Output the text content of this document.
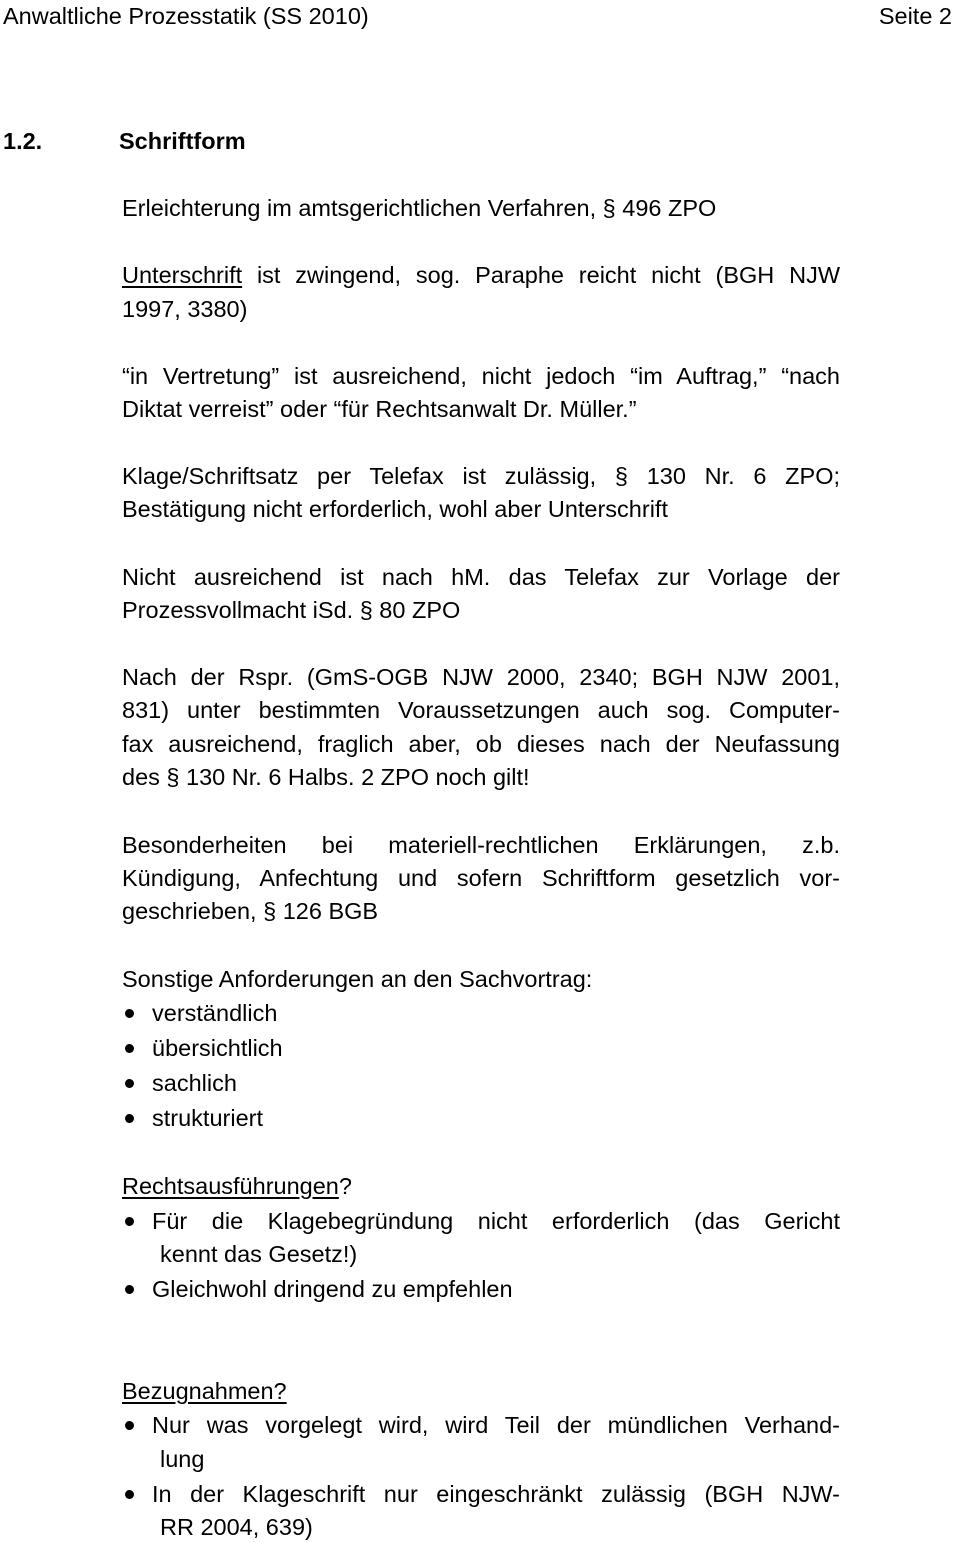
Anwaltliche Prozesstatik (SS 2010)	Seite 2
1.2.	Schriftform
Erleichterung im amtsgerichtlichen Verfahren, § 496 ZPO
Unterschrift ist zwingend, sog. Paraphe reicht nicht (BGH NJW
1997, 3380)
“in Vertretung” ist ausreichend, nicht jedoch “im Auftrag,” “nach
Diktat verreist” oder “für Rechtsanwalt Dr. Müller.”
Klage/Schriftsatz per Telefax ist zulässig, § 130 Nr. 6 ZPO;
Bestätigung nicht erforderlich, wohl aber Unterschrift
Nicht ausreichend ist nach hM. das Telefax zur Vorlage der
Prozessvollmacht iSd. § 80 ZPO
Nach der Rspr. (GmS-OGB NJW 2000, 2340; BGH NJW 2001,
831) unter bestimmten Voraussetzungen auch sog. Computer-
fax ausreichend, fraglich aber, ob dieses nach der Neufassung
des § 130 Nr. 6 Halbs. 2 ZPO noch gilt!
Besonderheiten bei materiell-rechtlichen Erklärungen, z.b.
Kündigung, Anfechtung und sofern Schriftform gesetzlich vor-
geschrieben, § 126 BGB
Sonstige Anforderungen an den Sachvortrag:
verständlich
übersichtlich
sachlich
strukturiert
Rechtsausführungen?
Für die Klagebegründung nicht erforderlich (das Gericht
kennt das Gesetz!)
Gleichwohl dringend zu empfehlen
Bezugnahmen?
Nur was vorgelegt wird, wird Teil der mündlichen Verhand-
lung
In der Klageschrift nur eingeschränkt zulässig (BGH NJW-
RR 2004, 639)
